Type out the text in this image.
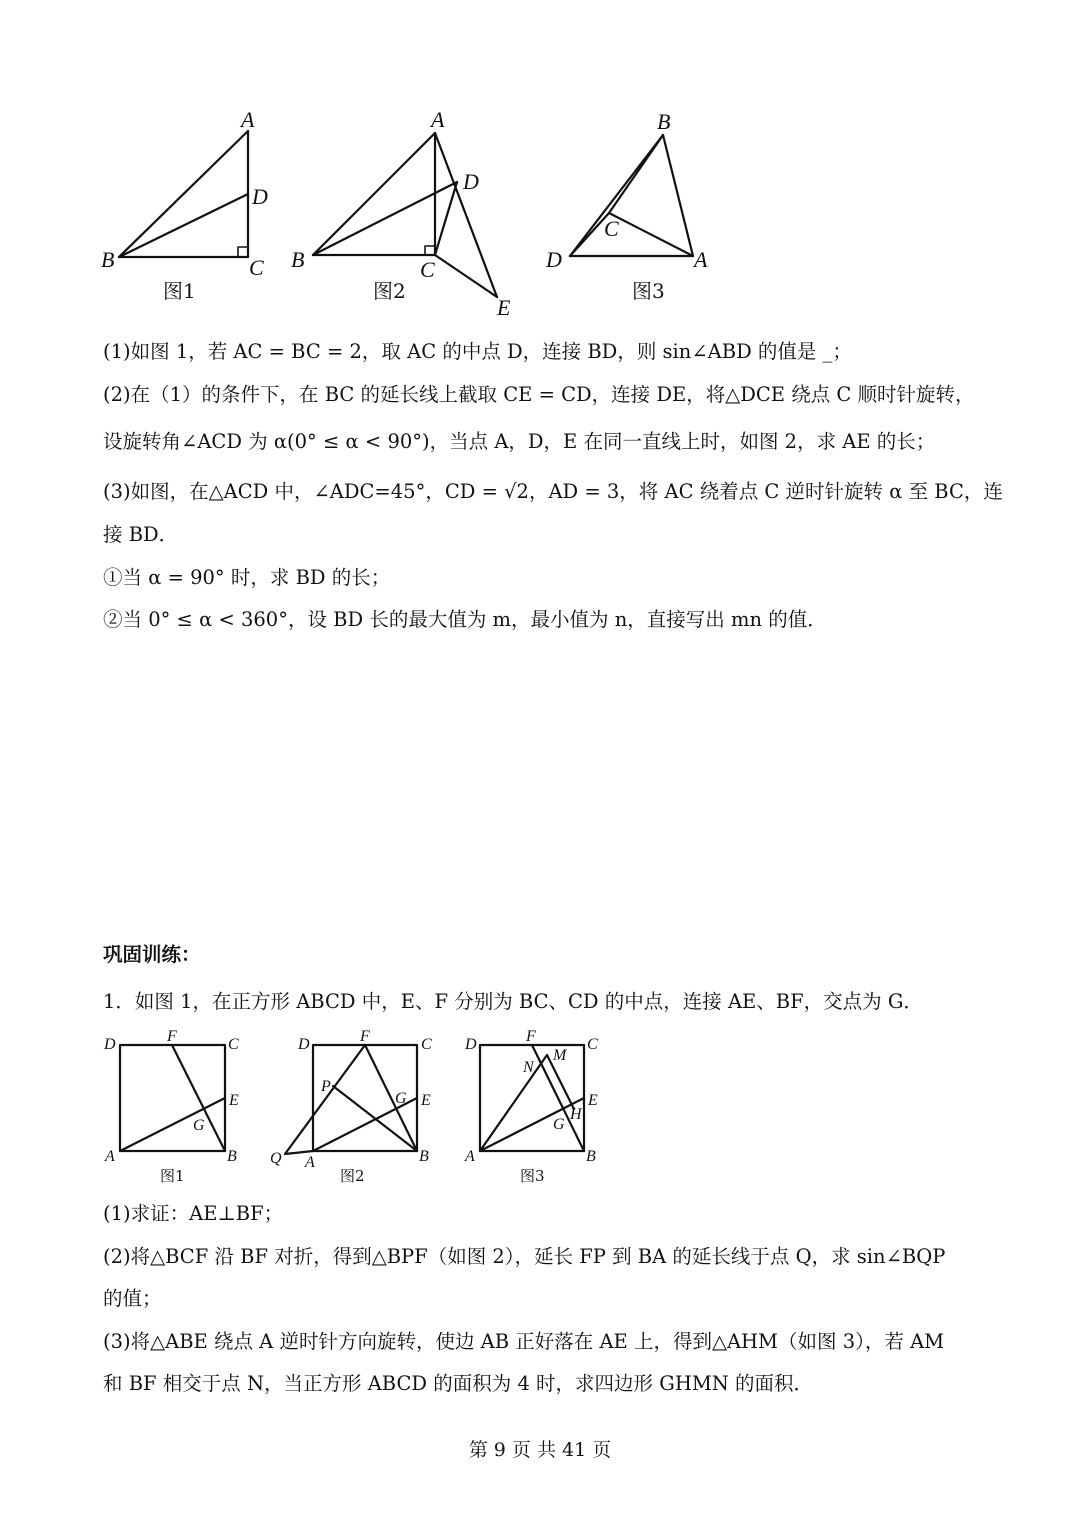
A
D
B	C
图1
A
D
B	C
E
图2
B
C
D	A
图3
(1)如图 1，若 AC = BC = 2，取 AC 的中点 D，连接 BD，则 sin∠ABD 的值是 _；
(2)在（1）的条件下，在 BC 的延长线上截取 CE = CD，连接 DE，将△DCE 绕点 C 顺时针旋转，
设旋转角∠ACD 为 α(0° ≤ α < 90°)，当点 A，D，E 在同一直线上时，如图 2，求 AE 的长；
(3)如图，在△ACD 中，∠ADC=45°，CD = √2，AD = 3，将 AC 绕着点 C 逆时针旋转 α 至 BC，连
接 BD．
①当 α = 90° 时，求 BD 的长；
②当 0° ≤ α < 360°，设 BD 长的最大值为 m，最小值为 n，直接写出 mn 的值．
巩固训练：
1．如图 1，在正方形 ABCD 中，E、F 分别为 BC、CD 的中点，连接 AE、BF，交点为 G．
D	F	C
E
G
A	B
图1
D	F	C
P
G E
Q A	B
图2
D	F
M
C
N
E
H
G
A	B
图3
(1)求证：AE⊥BF；
(2)将△BCF 沿 BF 对折，得到△BPF（如图 2），延长 FP 到 BA 的延长线于点 Q，求 sin∠BQP
的值；
(3)将△ABE 绕点 A 逆时针方向旋转，使边 AB 正好落在 AE 上，得到△AHM（如图 3），若 AM
和 BF 相交于点 N，当正方形 ABCD 的面积为 4 时，求四边形 GHMN 的面积．
第 9 页 共 41 页
